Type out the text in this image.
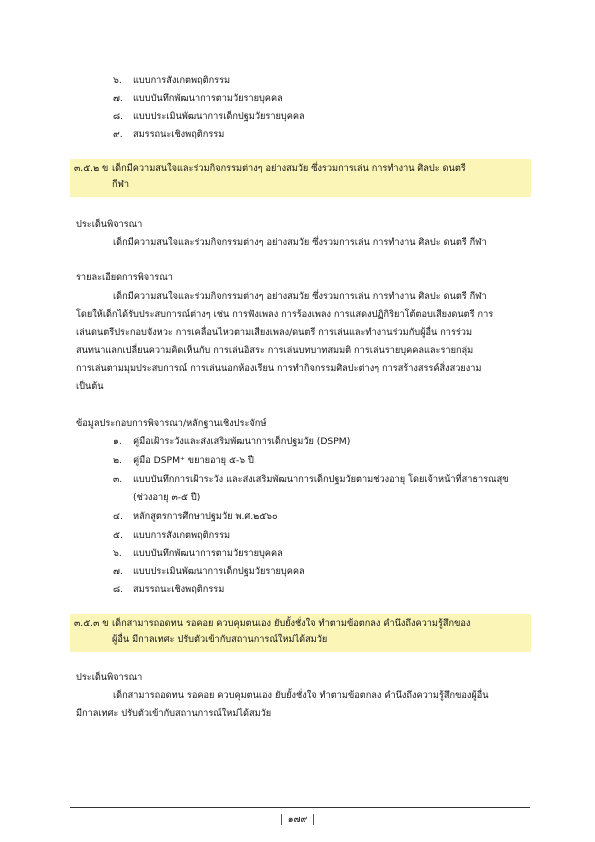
๖. แบบการสังเกตพฤติกรรม
๗. แบบบันทึกพัฒนาการตามวัยรายบุคคล
๘. แบบประเมินพัฒนาการเด็กปฐมวัยรายบุคคล
๙. สมรรถนะเชิงพฤติกรรม
๓.๕.๒ ข เด็กมีความสนใจและร่วมกิจกรรมต่างๆ อย่างสมวัย ซึ่งรวมการเล่น การทำงาน ศิลปะ ดนตรี
กีฬา
ประเด็นพิจารณา
เด็กมีความสนใจและร่วมกิจกรรมต่างๆ อย่างสมวัย ซึ่งรวมการเล่น การทำงาน ศิลปะ ดนตรี กีฬา
รายละเอียดการพิจารณา
เด็กมีความสนใจและร่วมกิจกรรมต่างๆ อย่างสมวัย ซึ่งรวมการเล่น การทำงาน ศิลปะ ดนตรี กีฬา
โดยให้เด็กได้รับประสบการณ์ต่างๆ เช่น การฟังเพลง การร้องเพลง การแสดงปฏิกิริยาโต้ตอบเสียงดนตรี การ
เล่นดนตรีประกอบจังหวะ การเคลื่อนไหวตามเสียงเพลง/ดนตรี การเล่นและทำงานร่วมกับผู้อื่น การร่วม
สนทนาแลกเปลี่ยนความคิดเห็นกับ การเล่นอิสระ การเล่นบทบาทสมมติ การเล่นรายบุคคลและรายกลุ่ม
การเล่นตามมุมประสบการณ์ การเล่นนอกห้องเรียน การทำกิจกรรมศิลปะต่างๆ การสร้างสรรค์สิ่งสวยงาม
เป็นต้น
ข้อมูลประกอบการพิจารณา/หลักฐานเชิงประจักษ์
๑. คู่มือเฝ้าระวังและส่งเสริมพัฒนาการเด็กปฐมวัย (DSPM)
๒. คู่มือ DSPM⁺ ขยายอายุ ๕-๖ ปี
๓. แบบบันทึกการเฝ้าระวัง และส่งเสริมพัฒนาการเด็กปฐมวัยตามช่วงอายุ โดยเจ้าหน้าที่สาธารณสุข
(ช่วงอายุ ๓-๕ ปี)
๔. หลักสูตรการศึกษาปฐมวัย พ.ศ.๒๕๖๐
๕. แบบการสังเกตพฤติกรรม
๖. แบบบันทึกพัฒนาการตามวัยรายบุคคล
๗. แบบประเมินพัฒนาการเด็กปฐมวัยรายบุคคล
๘. สมรรถนะเชิงพฤติกรรม
๓.๕.๓ ข เด็กสามารถอดทน รอคอย ควบคุมตนเอง ยับยั้งชั่งใจ ทำตามข้อตกลง คำนึงถึงความรู้สึกของ
ผู้อื่น มีกาลเทศะ ปรับตัวเข้ากับสถานการณ์ใหม่ได้สมวัย
ประเด็นพิจารณา
เด็กสามารถอดทน รอคอย ควบคุมตนเอง ยับยั้งชั่งใจ ทำตามข้อตกลง คำนึงถึงความรู้สึกของผู้อื่น
มีกาลเทศะ ปรับตัวเข้ากับสถานการณ์ใหม่ได้สมวัย
๑๗๙
